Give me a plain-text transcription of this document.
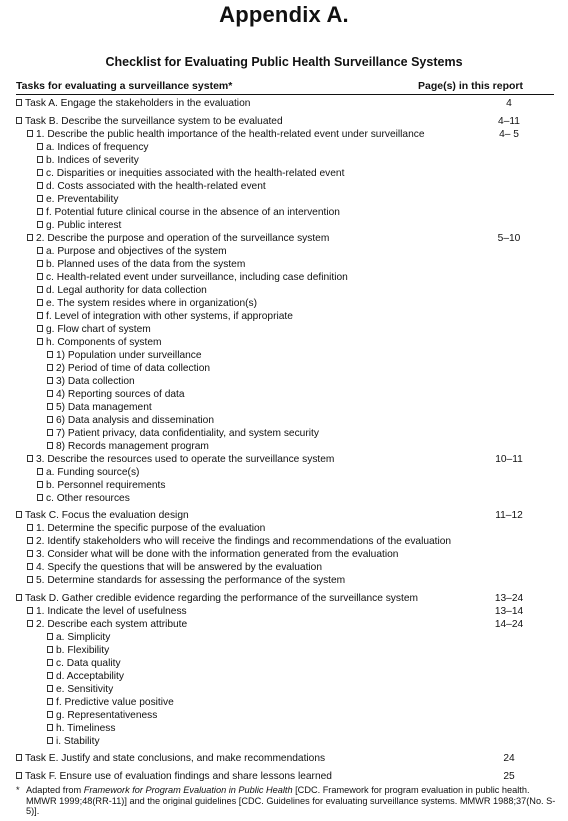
Appendix A.
Checklist for Evaluating Public Health Surveillance Systems
Tasks for evaluating a surveillance system*	Page(s) in this report
Task A. Engage the stakeholders in the evaluation	4
Task B. Describe the surveillance system to be evaluated	4–11
1. Describe the public health importance of the health-related event under surveillance	4– 5
a. Indices of frequency
b. Indices of severity
c. Disparities or inequities associated with the health-related event
d. Costs associated with the health-related event
e. Preventability
f. Potential future clinical course in the absence of an intervention
g. Public interest
2. Describe the purpose and operation of the surveillance system	5–10
a. Purpose and objectives of the system
b. Planned uses of the data from the system
c. Health-related event under surveillance, including case definition
d. Legal authority for data collection
e. The system resides where in organization(s)
f. Level of integration with other systems, if appropriate
g. Flow chart of system
h. Components of system
1) Population under surveillance
2) Period of time of data collection
3) Data collection
4) Reporting sources of data
5) Data management
6) Data analysis and dissemination
7) Patient privacy, data confidentiality, and system security
8) Records management program
3. Describe the resources used to operate the surveillance system	10–11
a. Funding source(s)
b. Personnel requirements
c. Other resources
Task C. Focus the evaluation design	11–12
1. Determine the specific purpose of the evaluation
2. Identify stakeholders who will receive the findings and recommendations of the evaluation
3. Consider what will be done with the information generated from the evaluation
4. Specify the questions that will be answered by the evaluation
5. Determine standards for assessing the performance of the system
Task D. Gather credible evidence regarding the performance of the surveillance system	13–24
1. Indicate the level of usefulness	13–14
2. Describe each system attribute	14–24
a. Simplicity
b. Flexibility
c. Data quality
d. Acceptability
e. Sensitivity
f. Predictive value positive
g. Representativeness
h. Timeliness
i. Stability
Task E. Justify and state conclusions, and make recommendations	24
Task F. Ensure use of evaluation findings and share lessons learned	25
* Adapted from Framework for Program Evaluation in Public Health [CDC. Framework for program evaluation in public health. MMWR 1999;48(RR-11)] and the original guidelines [CDC. Guidelines for evaluating surveillance systems. MMWR 1988;37(No. S-5)].
